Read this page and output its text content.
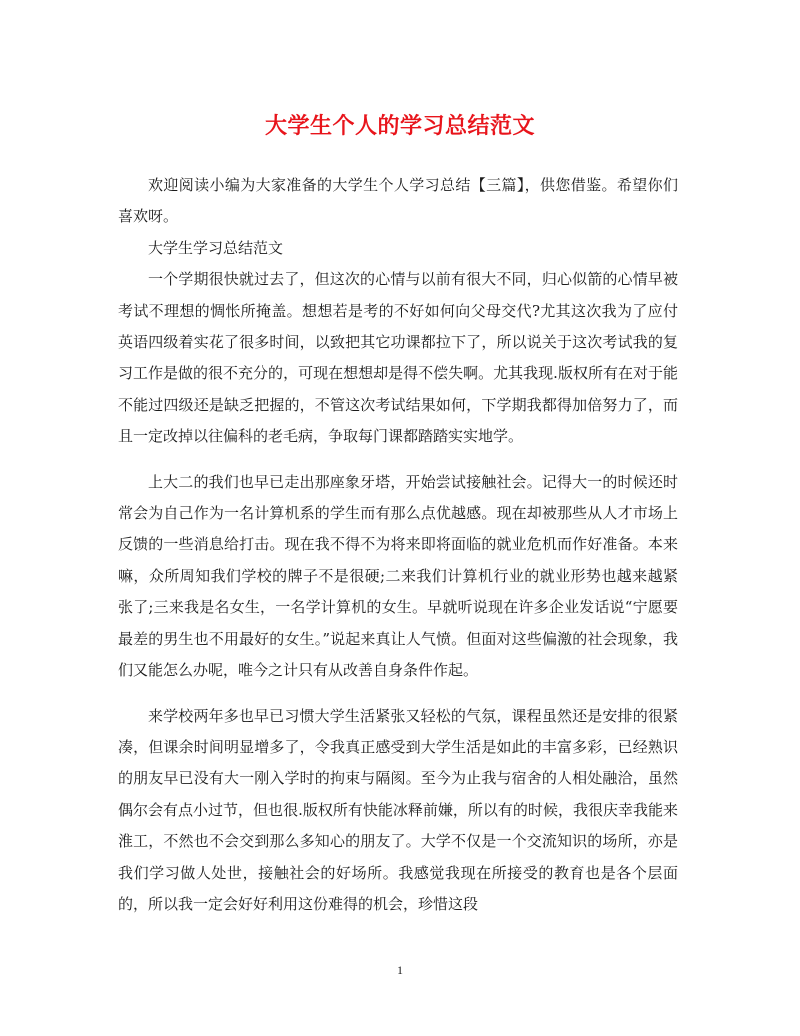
大学生个人的学习总结范文

欢迎阅读小编为大家准备的大学生个人学习总结【三篇】，供您借鉴。希望你们喜欢呀。

大学生学习总结范文

一个学期很快就过去了，但这次的心情与以前有很大不同，归心似箭的心情早被考试不理想的惆怅所掩盖。想想若是考的不好如何向父母交代?尤其这次我为了应付英语四级着实花了很多时间，以致把其它功课都拉下了，所以说关于这次考试我的复习工作是做的很不充分的，可现在想想却是得不偿失啊。尤其我现.版权所有在对于能不能过四级还是缺乏把握的，不管这次考试结果如何，下学期我都得加倍努力了，而且一定改掉以往偏科的老毛病，争取每门课都踏踏实实地学。

上大二的我们也早已走出那座象牙塔，开始尝试接触社会。记得大一的时候还时常会为自己作为一名计算机系的学生而有那么点优越感。现在却被那些从人才市场上反馈的一些消息给打击。现在我不得不为将来即将面临的就业危机而作好准备。本来嘛，众所周知我们学校的牌子不是很硬;二来我们计算机行业的就业形势也越来越紧张了;三来我是名女生，一名学计算机的女生。早就听说现在许多企业发话说“宁愿要最差的男生也不用最好的女生。”说起来真让人气愤。但面对这些偏激的社会现象，我们又能怎么办呢，唯今之计只有从改善自身条件作起。

来学校两年多也早已习惯大学生活紧张又轻松的气氛，课程虽然还是安排的很紧凑，但课余时间明显增多了，令我真正感受到大学生活是如此的丰富多彩，已经熟识的朋友早已没有大一刚入学时的拘束与隔阂。至今为止我与宿舍的人相处融洽，虽然偶尔会有点小过节，但也很.版权所有快能冰释前嫌，所以有的时候，我很庆幸我能来淮工，不然也不会交到那么多知心的朋友了。大学不仅是一个交流知识的场所，亦是我们学习做人处世，接触社会的好场所。我感觉我现在所接受的教育也是各个层面的，所以我一定会好好利用这份难得的机会，珍惜这段

1
